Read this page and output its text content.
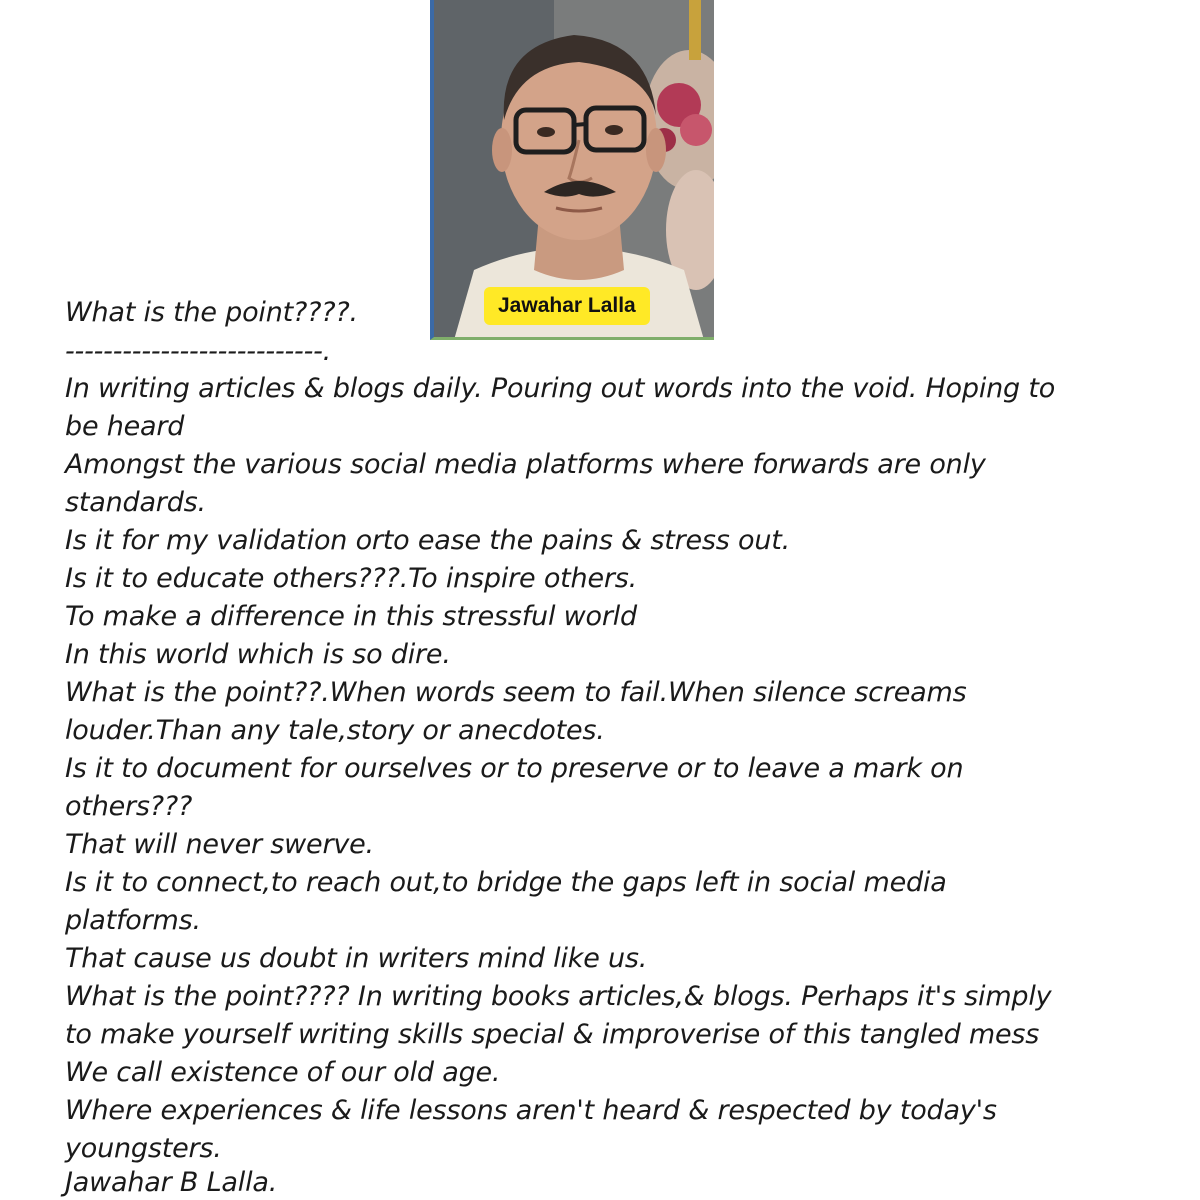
Jawahar Lalla
What is the point????.
---------------------------.
In writing articles & blogs daily. Pouring out words into the void. Hoping to
be heard
Amongst the various social media platforms where forwards are only
standards.
Is it for my validation orto ease the pains & stress out.
Is it to educate others???.To inspire others.
To make a difference in this stressful world
In this world which is so dire.
What is the point??.When words seem to fail.When silence screams
louder.Than any tale,story or anecdotes.
Is it to document for ourselves or to preserve or to leave a mark on
others???
That will never swerve.
Is it to connect,to reach out,to bridge the gaps left in social media
platforms.
That cause us doubt in writers mind like us.
What is the point???? In writing books articles,& blogs. Perhaps it's simply
to make yourself writing skills special & improverise of this tangled mess
We call existence of our old age.
Where experiences & life lessons aren't heard & respected by today's
youngsters.
Jawahar B Lalla.
